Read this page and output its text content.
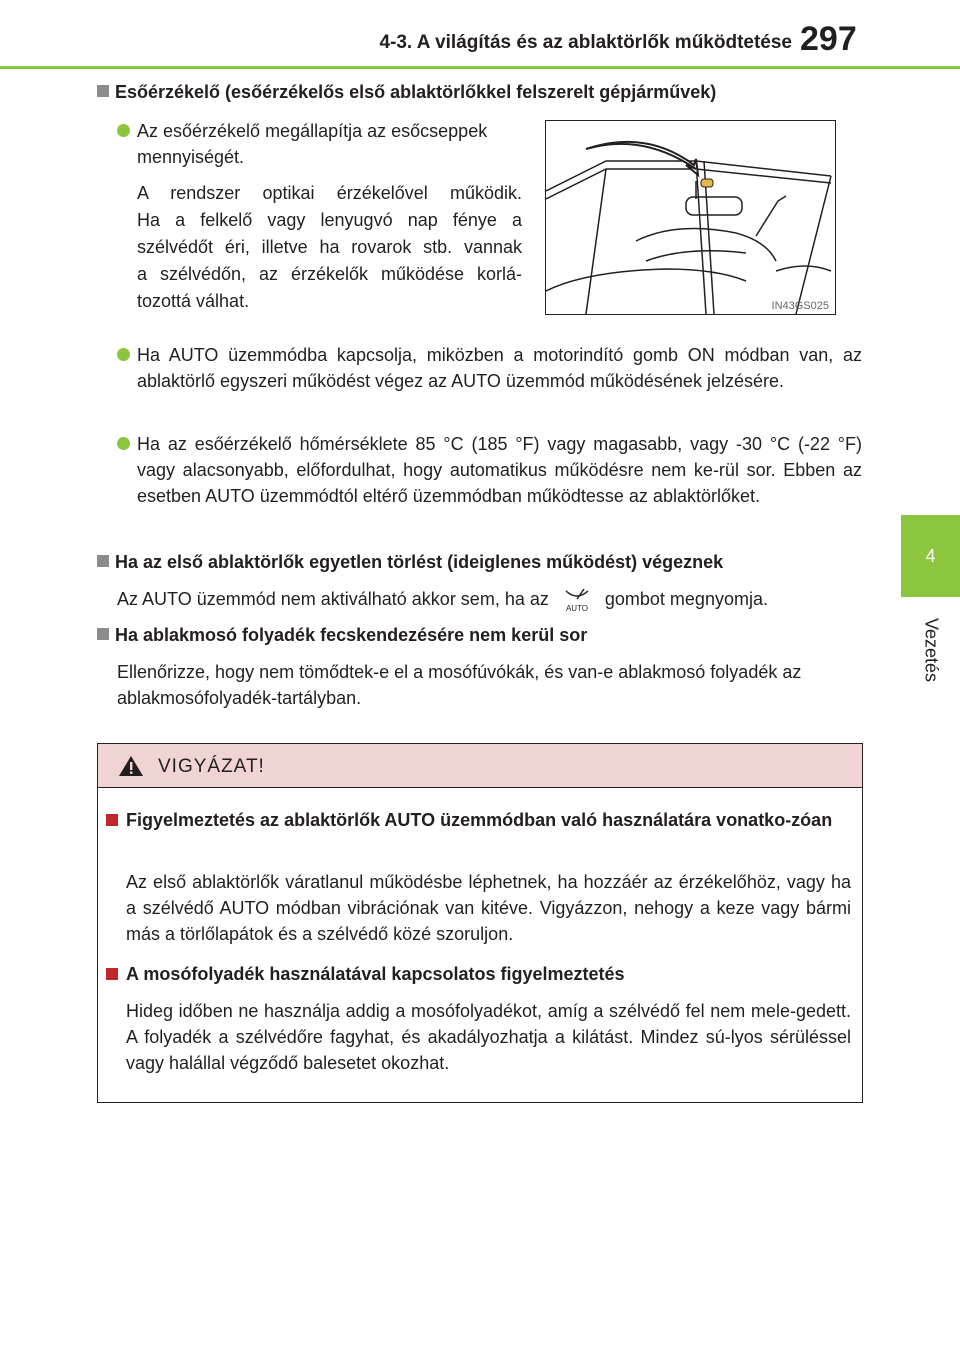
4-3. A világítás és az ablaktörlők működtetése 297
4
Vezetés
Esőérzékelő (esőérzékelős első ablaktörlőkkel felszerelt gépjárművek)
Az esőérzékelő megállapítja az esőcseppek
mennyiségét.
A rendszer optikai érzékelővel működik.
Ha a felkelő vagy lenyugvó nap fénye a
szélvédőt éri, illetve ha rovarok stb. vannak
a szélvédőn, az érzékelők működése korlá-
tozottá válhat.	IN43GS025
Ha AUTO üzemmódba kapcsolja, miközben a motorindító gomb ON módban van, az ablaktörlő egyszeri működést végez az AUTO üzemmód működésének jelzésére.
Ha az esőérzékelő hőmérséklete 85 °C (185 °F) vagy magasabb, vagy -30 °C (-22 °F) vagy alacsonyabb, előfordulhat, hogy automatikus működésre nem ke-rül sor. Ebben az esetben AUTO üzemmódtól eltérő üzemmódban működtesse az ablaktörlőket.
Ha az első ablaktörlők egyetlen törlést (ideiglenes működést) végeznek
Az AUTO üzemmód nem aktiválható akkor sem, ha az AUTO gombot megnyomja.
Ha ablakmosó folyadék fecskendezésére nem kerül sor
Ellenőrizze, hogy nem tömődtek-e el a mosófúvókák, és van-e ablakmosó folyadék az ablakmosófolyadék-tartályban.
VIGYÁZAT!
Figyelmeztetés az ablaktörlők AUTO üzemmódban való használatára vonatko-zóan
Az első ablaktörlők váratlanul működésbe léphetnek, ha hozzáér az érzékelőhöz, vagy ha a szélvédő AUTO módban vibrációnak van kitéve. Vigyázzon, nehogy a keze vagy bármi más a törlőlapátok és a szélvédő közé szoruljon.
A mosófolyadék használatával kapcsolatos figyelmeztetés
Hideg időben ne használja addig a mosófolyadékot, amíg a szélvédő fel nem mele-gedett. A folyadék a szélvédőre fagyhat, és akadályozhatja a kilátást. Mindez sú-lyos sérüléssel vagy halállal végződő balesetet okozhat.
